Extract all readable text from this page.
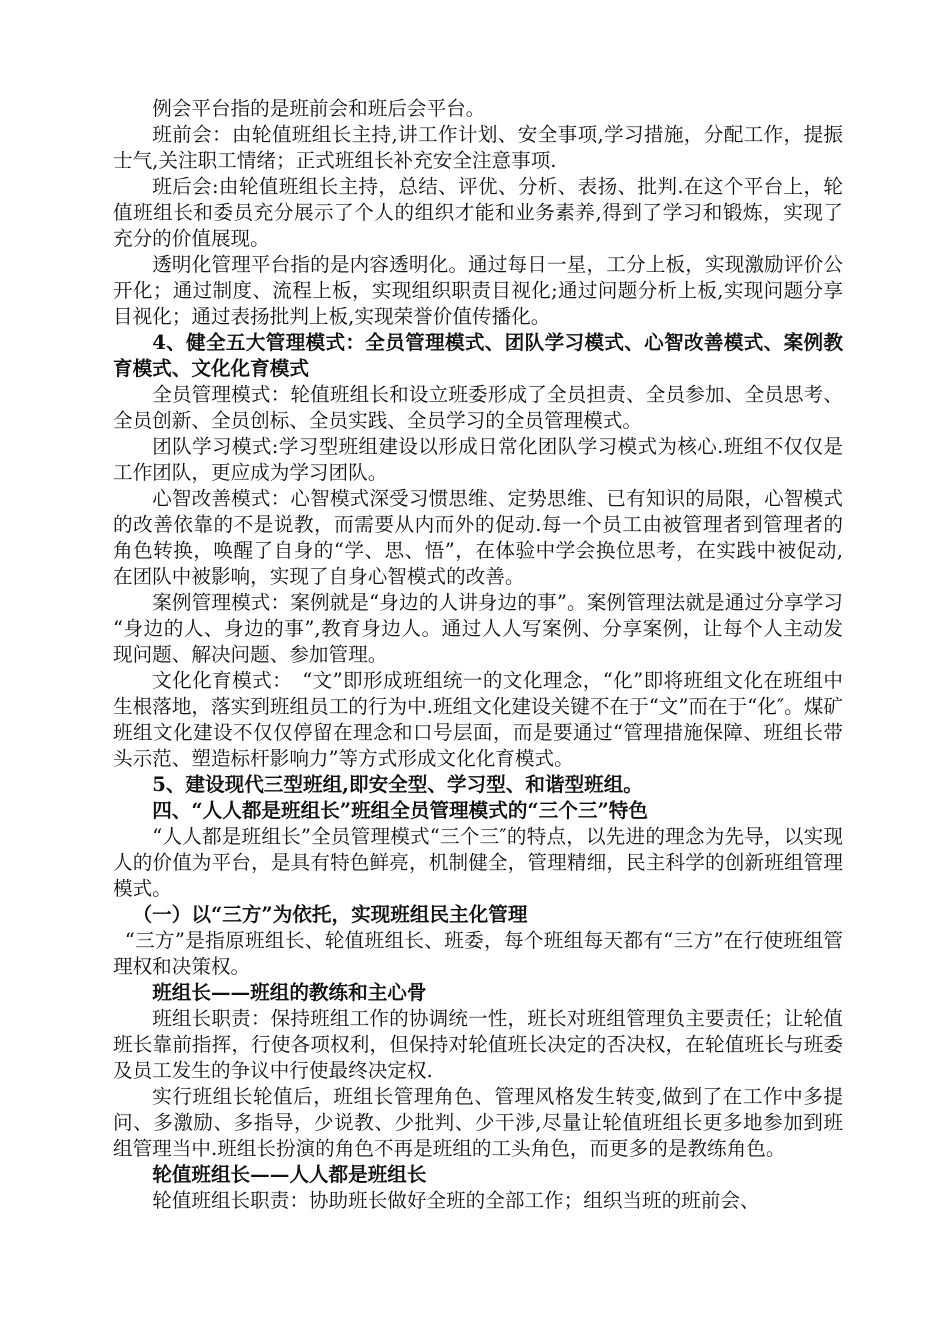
例会平台指的是班前会和班后会平台。

班前会：由轮值班组长主持,讲工作计划、安全事项,学习措施，分配工作，提振士气,关注职工情绪；正式班组长补充安全注意事项.

班后会:由轮值班组长主持，总结、评优、分析、表扬、批判.在这个平台上，轮值班组长和委员充分展示了个人的组织才能和业务素养,得到了学习和锻炼，实现了充分的价值展现。

透明化管理平台指的是内容透明化。通过每日一星，工分上板，实现激励评价公开化；通过制度、流程上板，实现组织职责目视化;通过问题分析上板,实现问题分享目视化；通过表扬批判上板,实现荣誉价值传播化。

4、健全五大管理模式：全员管理模式、团队学习模式、心智改善模式、案例教育模式、文化化育模式

全员管理模式：轮值班组长和设立班委形成了全员担责、全员参加、全员思考、全员创新、全员创标、全员实践、全员学习的全员管理模式。

团队学习模式:学习型班组建设以形成日常化团队学习模式为核心.班组不仅仅是工作团队，更应成为学习团队。

心智改善模式：心智模式深受习惯思维、定势思维、已有知识的局限，心智模式的改善依靠的不是说教，而需要从内而外的促动.每一个员工由被管理者到管理者的角色转换，唤醒了自身的“学、思、悟”，在体验中学会换位思考，在实践中被促动,在团队中被影响，实现了自身心智模式的改善。

案例管理模式：案例就是“身边的人讲身边的事”。案例管理法就是通过分享学习“身边的人、身边的事”,教育身边人。通过人人写案例、分享案例，让每个人主动发现问题、解决问题、参加管理。

文化化育模式：　“文”即形成班组统一的文化理念，“化”即将班组文化在班组中生根落地，落实到班组员工的行为中.班组文化建设关键不在于“文”而在于“化″。煤矿班组文化建设不仅仅停留在理念和口号层面，而是要通过“管理措施保障、班组长带头示范、塑造标杆影响力”等方式形成文化化育模式。

5、建设现代三型班组,即安全型、学习型、和谐型班组。

四、“人人都是班组长”班组全员管理模式的“三个三”特色

“人人都是班组长”全员管理模式“三个三″的特点，以先进的理念为先导，以实现人的价值为平台，是具有特色鲜亮，机制健全，管理精细，民主科学的创新班组管理模式。

（一）以“三方”为依托，实现班组民主化管理

“三方”是指原班组长、轮值班组长、班委，每个班组每天都有“三方”在行使班组管理权和决策权。

班组长——班组的教练和主心骨

班组长职责：保持班组工作的协调统一性，班长对班组管理负主要责任；让轮值班长靠前指挥，行使各项权利，但保持对轮值班长决定的否决权，在轮值班长与班委及员工发生的争议中行使最终决定权.

实行班组长轮值后，班组长管理角色、管理风格发生转变,做到了在工作中多提问、多激励、多指导，少说教、少批判、少干涉,尽量让轮值班组长更多地参加到班组管理当中.班组长扮演的角色不再是班组的工头角色，而更多的是教练角色。

轮值班组长——人人都是班组长

轮值班组长职责：协助班长做好全班的全部工作；组织当班的班前会、
